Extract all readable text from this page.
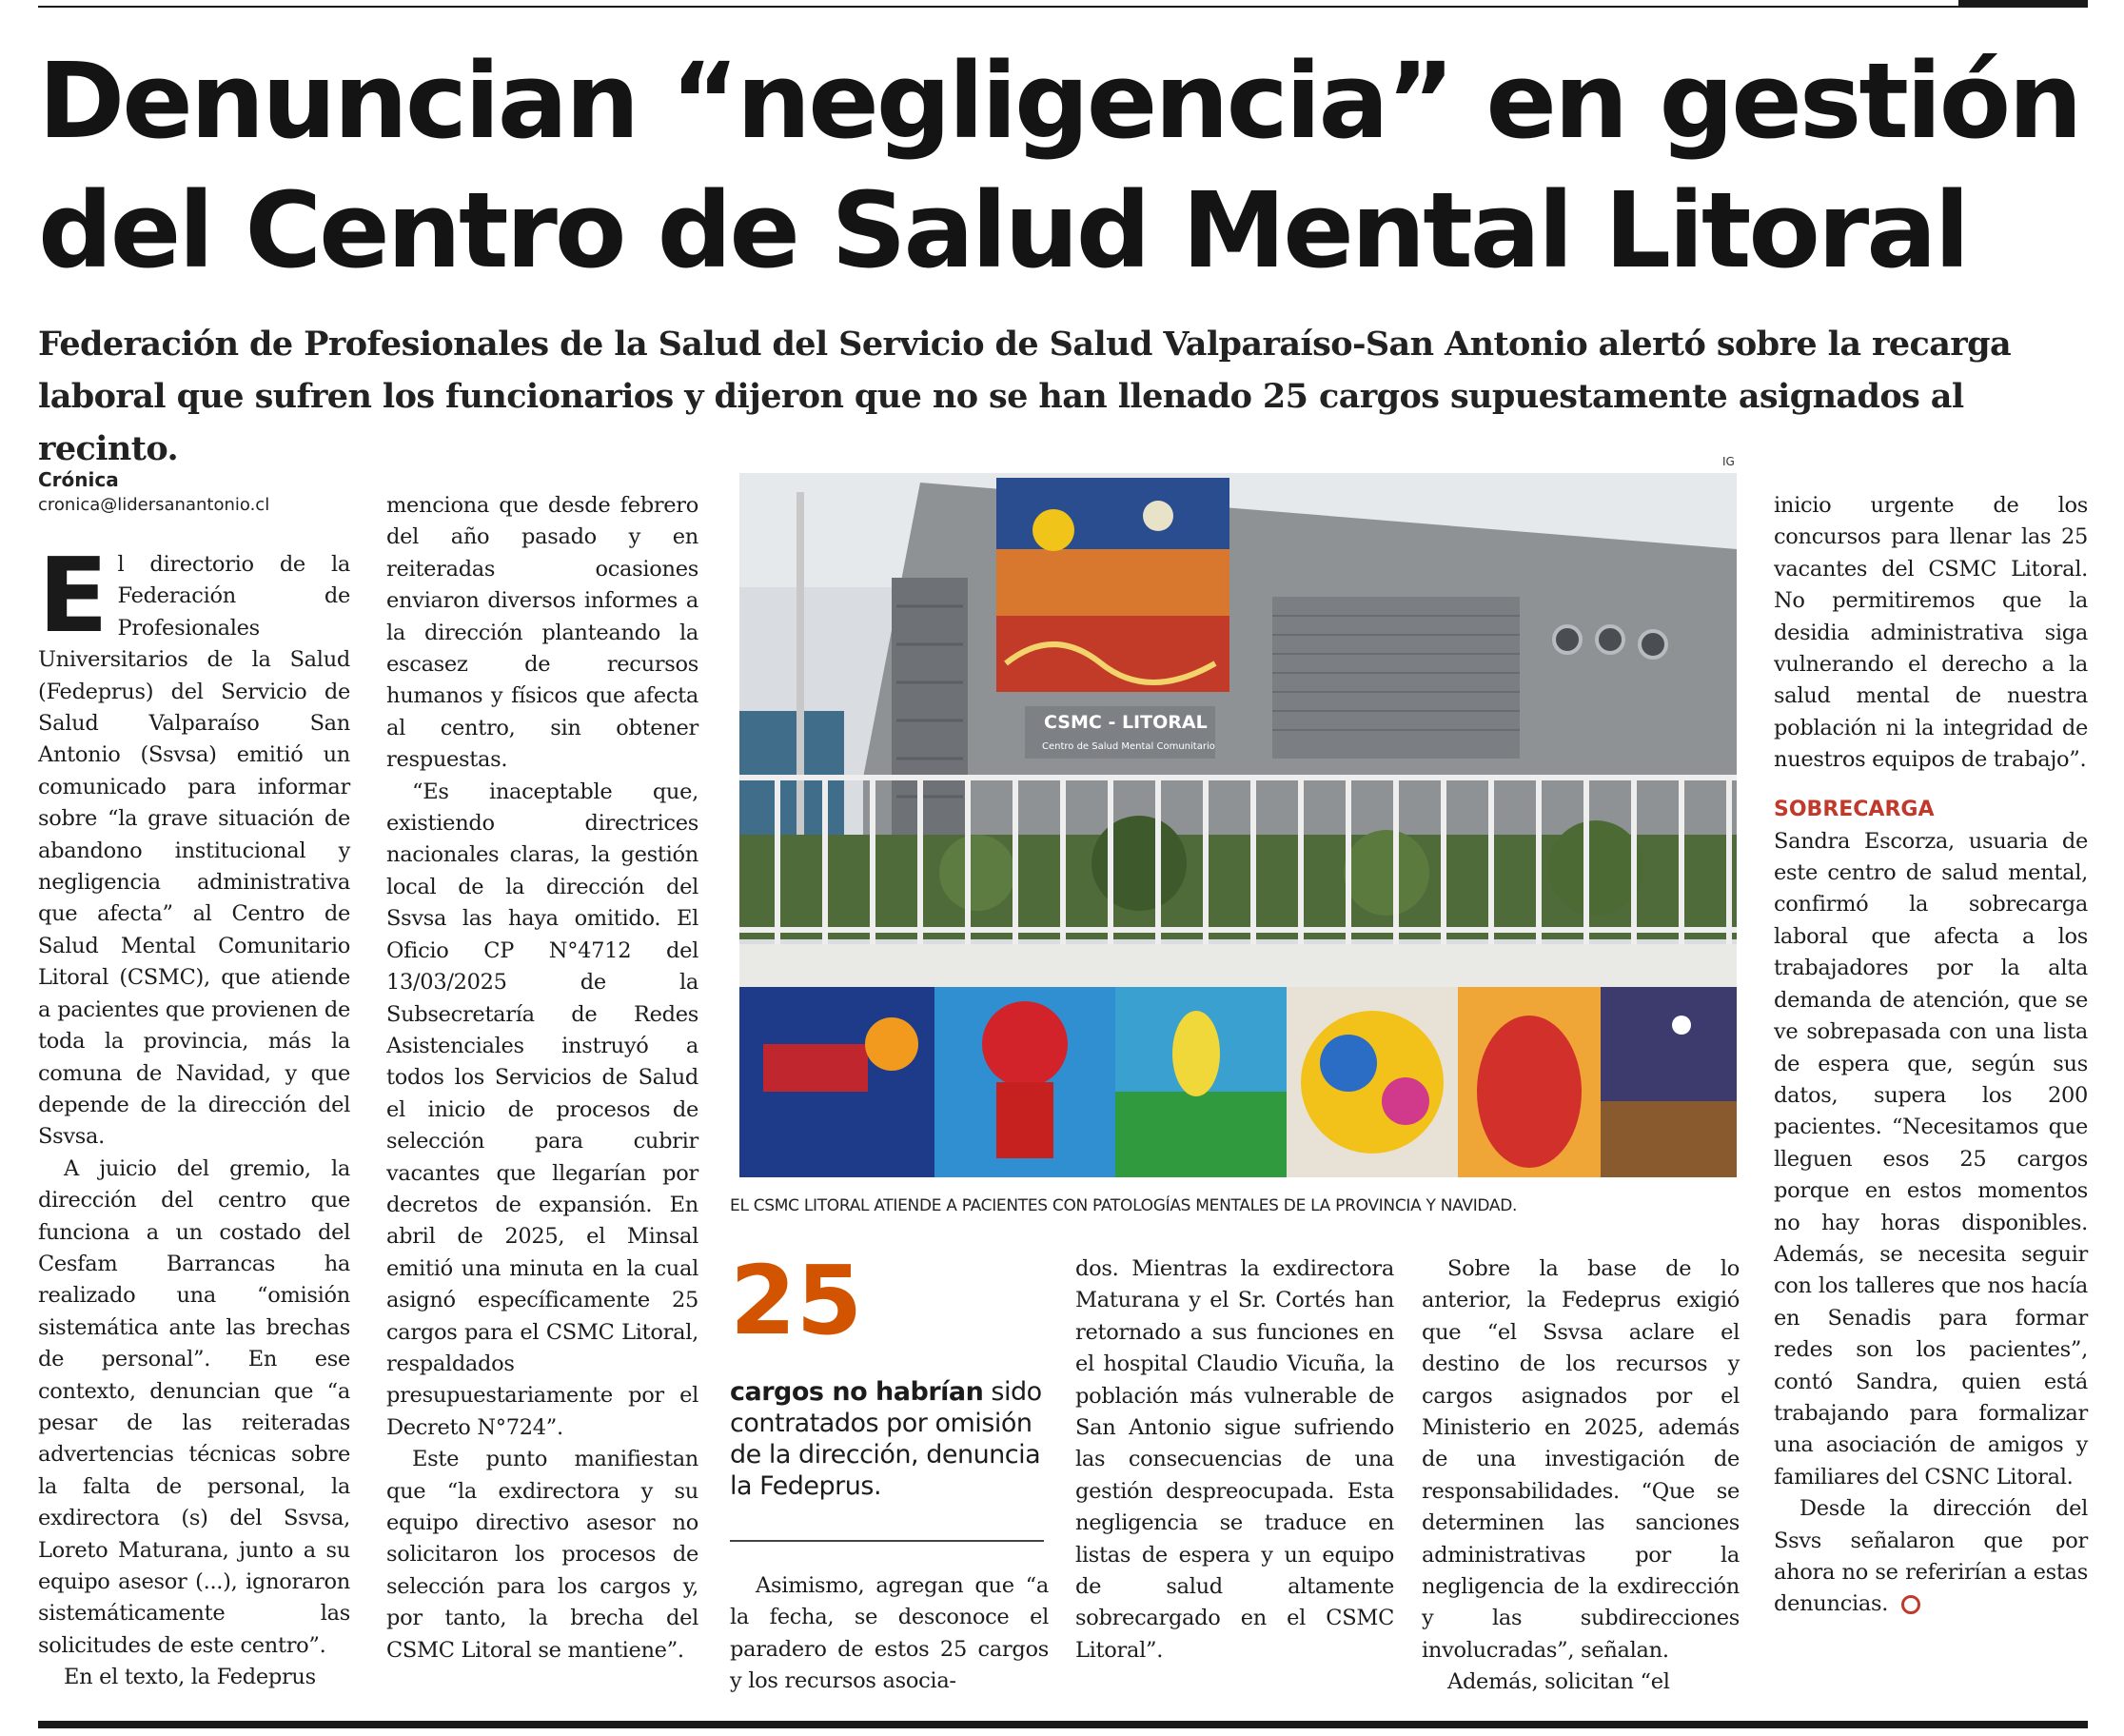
Denuncian “negligencia” en gestión
del Centro de Salud Mental Litoral

Federación de Profesionales de la Salud del Servicio de Salud Valparaíso-San Antonio alertó sobre la recarga laboral que sufren los funcionarios y dijeron que no se han llenado 25 cargos supuestamente asignados al recinto.

Crónica
cronica@lidersanantonio.cl

El directorio de la Federación de Profesionales Universitarios de la Salud (Fedeprus) del Servicio de Salud Valparaíso San Antonio (Ssvsa) emitió un comunicado para informar sobre “la grave situación de abandono institucional y negligencia administrativa que afecta” al Centro de Salud Mental Comunitario Litoral (CSMC), que atiende a pacientes que provienen de toda la provincia, más la comuna de Navidad, y que depende de la dirección del Ssvsa.

A juicio del gremio, la dirección del centro que funciona a un costado del Cesfam Barrancas ha realizado una “omisión sistemática ante las brechas de personal”. En ese contexto, denuncian que “a pesar de las reiteradas advertencias técnicas sobre la falta de personal, la exdirectora (s) del Ssvsa, Loreto Maturana, junto a su equipo asesor (...), ignoraron sistemáticamente las solicitudes de este centro”.

En el texto, la Fedeprus

menciona que desde febrero del año pasado y en reiteradas ocasiones enviaron diversos informes a la dirección planteando la escasez de recursos humanos y físicos que afecta al centro, sin obtener respuestas.

“Es inaceptable que, existiendo directrices nacionales claras, la gestión local de la dirección del Ssvsa las haya omitido. El Oficio CP N°4712 del 13/03/2025 de la Subsecretaría de Redes Asistenciales instruyó a todos los Servicios de Salud el inicio de procesos de selección para cubrir vacantes que llegarían por decretos de expansión. En abril de 2025, el Minsal emitió una minuta en la cual asignó específicamente 25 cargos para el CSMC Litoral, respaldados presupuestariamente por el Decreto N°724”.

Este punto manifiestan que “la exdirectora y su equipo directivo asesor no solicitaron los procesos de selección para los cargos y, por tanto, la brecha del CSMC Litoral se mantiene”.

IG
CSMC - LITORAL
Centro de Salud Mental Comunitario
EL CSMC LITORAL ATIENDE A PACIENTES CON PATOLOGÍAS MENTALES DE LA PROVINCIA Y NAVIDAD.
25
cargos no habrían sido contratados por omisión de la dirección, denuncia la Fedeprus.

Asimismo, agregan que “a la fecha, se desconoce el paradero de estos 25 cargos y los recursos asocia-

dos. Mientras la exdirectora Maturana y el Sr. Cortés han retornado a sus funciones en el hospital Claudio Vicuña, la población más vulnerable de San Antonio sigue sufriendo las consecuencias de una gestión despreocupada. Esta negligencia se traduce en listas de espera y un equipo de salud altamente sobrecargado en el CSMC Litoral”.

Sobre la base de lo anterior, la Fedeprus exigió que “el Ssvsa aclare el destino de los recursos y cargos asignados por el Ministerio en 2025, además de una investigación de responsabilidades. “Que se determinen las sanciones administrativas por la negligencia de la exdirección y las subdirecciones involucradas”, señalan.

Además, solicitan “el

inicio urgente de los concursos para llenar las 25 vacantes del CSMC Litoral. No permitiremos que la desidia administrativa siga vulnerando el derecho a la salud mental de nuestra población ni la integridad de nuestros equipos de trabajo”.

SOBRECARGA

Sandra Escorza, usuaria de este centro de salud mental, confirmó la sobrecarga laboral que afecta a los trabajadores por la alta demanda de atención, que se ve sobrepasada con una lista de espera que, según sus datos, supera los 200 pacientes. “Necesitamos que lleguen esos 25 cargos porque en estos momentos no hay horas disponibles. Además, se necesita seguir con los talleres que nos hacía en Senadis para formar redes son los pacientes”, contó Sandra, quien está trabajando para formalizar una asociación de amigos y familiares del CSNC Litoral.

Desde la dirección del Ssvs señalaron que por ahora no se referirían a estas denuncias.
